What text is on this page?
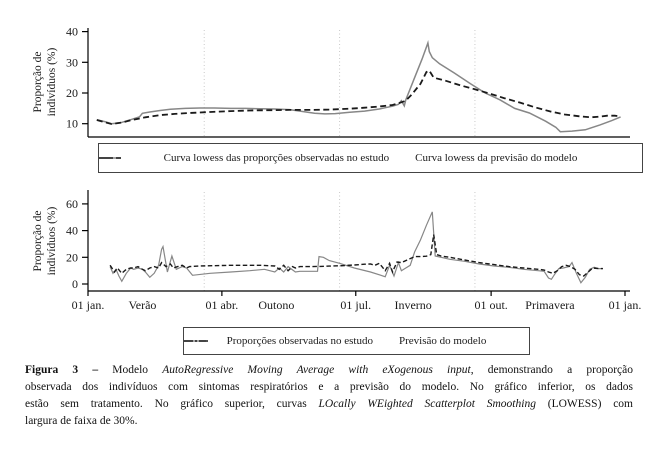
10
20
30
40
Proporção de indivíduos (%)
Curva lowess das proporções observadas no estudo Curva lowess da previsão do modelo
0
20
40
60
01 jan.	01 abr.	01 jul.	01 out.	01 jan.
Verão	Outono	Inverno	Primavera
Proporção de indivíduos (%)
Proporções observadas no estudo Previsão do modelo
Figura 3 – Modelo AutoRegressive Moving Average with eXogenous input, demonstrando a proporção
observada dos indivíduos com sintomas respiratórios e a previsão do modelo. No gráfico inferior, os dados
estão sem tratamento. No gráfico superior, curvas LOcally WEighted Scatterplot Smoothing (LOWESS) com
largura de faixa de 30%.
